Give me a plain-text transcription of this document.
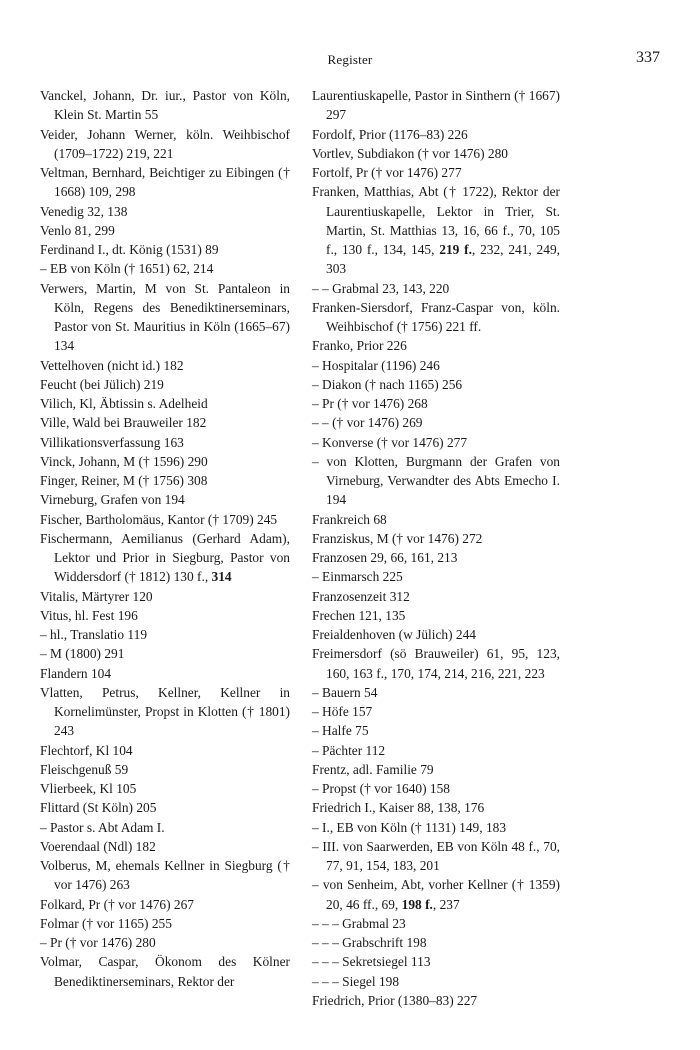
Register	337

Vanckel, Johann, Dr. iur., Pastor von Köln, Klein St. Martin 55

Veider, Johann Werner, köln. Weihbischof (1709–1722) 219, 221

Veltman, Bernhard, Beichtiger zu Eibingen († 1668) 109, 298

Venedig 32, 138

Venlo 81, 299

Ferdinand I., dt. König (1531) 89

– EB von Köln († 1651) 62, 214

Verwers, Martin, M von St. Pantaleon in Köln, Regens des Benediktinerseminars, Pastor von St. Mauritius in Köln (1665–67) 134

Vettelhoven (nicht id.) 182

Feucht (bei Jülich) 219

Vilich, Kl, Äbtissin s. Adelheid

Ville, Wald bei Brauweiler 182

Villikationsverfassung 163

Vinck, Johann, M († 1596) 290

Finger, Reiner, M († 1756) 308

Virneburg, Grafen von 194

Fischer, Bartholomäus, Kantor († 1709) 245

Fischermann, Aemilianus (Gerhard Adam), Lektor und Prior in Siegburg, Pastor von Widdersdorf († 1812) 130 f., 314

Vitalis, Märtyrer 120

Vitus, hl. Fest 196

– hl., Translatio 119

– M (1800) 291

Flandern 104

Vlatten, Petrus, Kellner, Kellner in Kornelimünster, Propst in Klotten († 1801) 243

Flechtorf, Kl 104

Fleischgenuß 59

Vlierbeek, Kl 105

Flittard (St Köln) 205

– Pastor s. Abt Adam I.

Voerendaal (Ndl) 182

Volberus, M, ehemals Kellner in Siegburg († vor 1476) 263

Folkard, Pr († vor 1476) 267

Folmar († vor 1165) 255

– Pr († vor 1476) 280

Volmar, Caspar, Ökonom des Kölner Benediktinerseminars, Rektor der

Laurentiuskapelle, Pastor in Sinthern († 1667) 297

Fordolf, Prior (1176–83) 226

Vortlev, Subdiakon († vor 1476) 280

Fortolf, Pr († vor 1476) 277

Franken, Matthias, Abt († 1722), Rektor der Laurentiuskapelle, Lektor in Trier, St. Martin, St. Matthias 13, 16, 66 f., 70, 105 f., 130 f., 134, 145, 219 f., 232, 241, 249, 303

– – Grabmal 23, 143, 220

Franken-Siersdorf, Franz-Caspar von, köln. Weihbischof († 1756) 221 ff.

Franko, Prior 226

– Hospitalar (1196) 246

– Diakon († nach 1165) 256

– Pr († vor 1476) 268

– – († vor 1476) 269

– Konverse († vor 1476) 277

– von Klotten, Burgmann der Grafen von Virneburg, Verwandter des Abts Emecho I. 194

Frankreich 68

Franziskus, M († vor 1476) 272

Franzosen 29, 66, 161, 213

– Einmarsch 225

Franzosenzeit 312

Frechen 121, 135

Freialdenhoven (w Jülich) 244

Freimersdorf (sö Brauweiler) 61, 95, 123, 160, 163 f., 170, 174, 214, 216, 221, 223

– Bauern 54

– Höfe 157

– Halfe 75

– Pächter 112

Frentz, adl. Familie 79

– Propst († vor 1640) 158

Friedrich I., Kaiser 88, 138, 176

– I., EB von Köln († 1131) 149, 183

– III. von Saarwerden, EB von Köln 48 f., 70, 77, 91, 154, 183, 201

– von Senheim, Abt, vorher Kellner († 1359) 20, 46 ff., 69, 198 f., 237

– – – Grabmal 23

– – – Grabschrift 198

– – – Sekretsiegel 113

– – – Siegel 198

Friedrich, Prior (1380–83) 227
